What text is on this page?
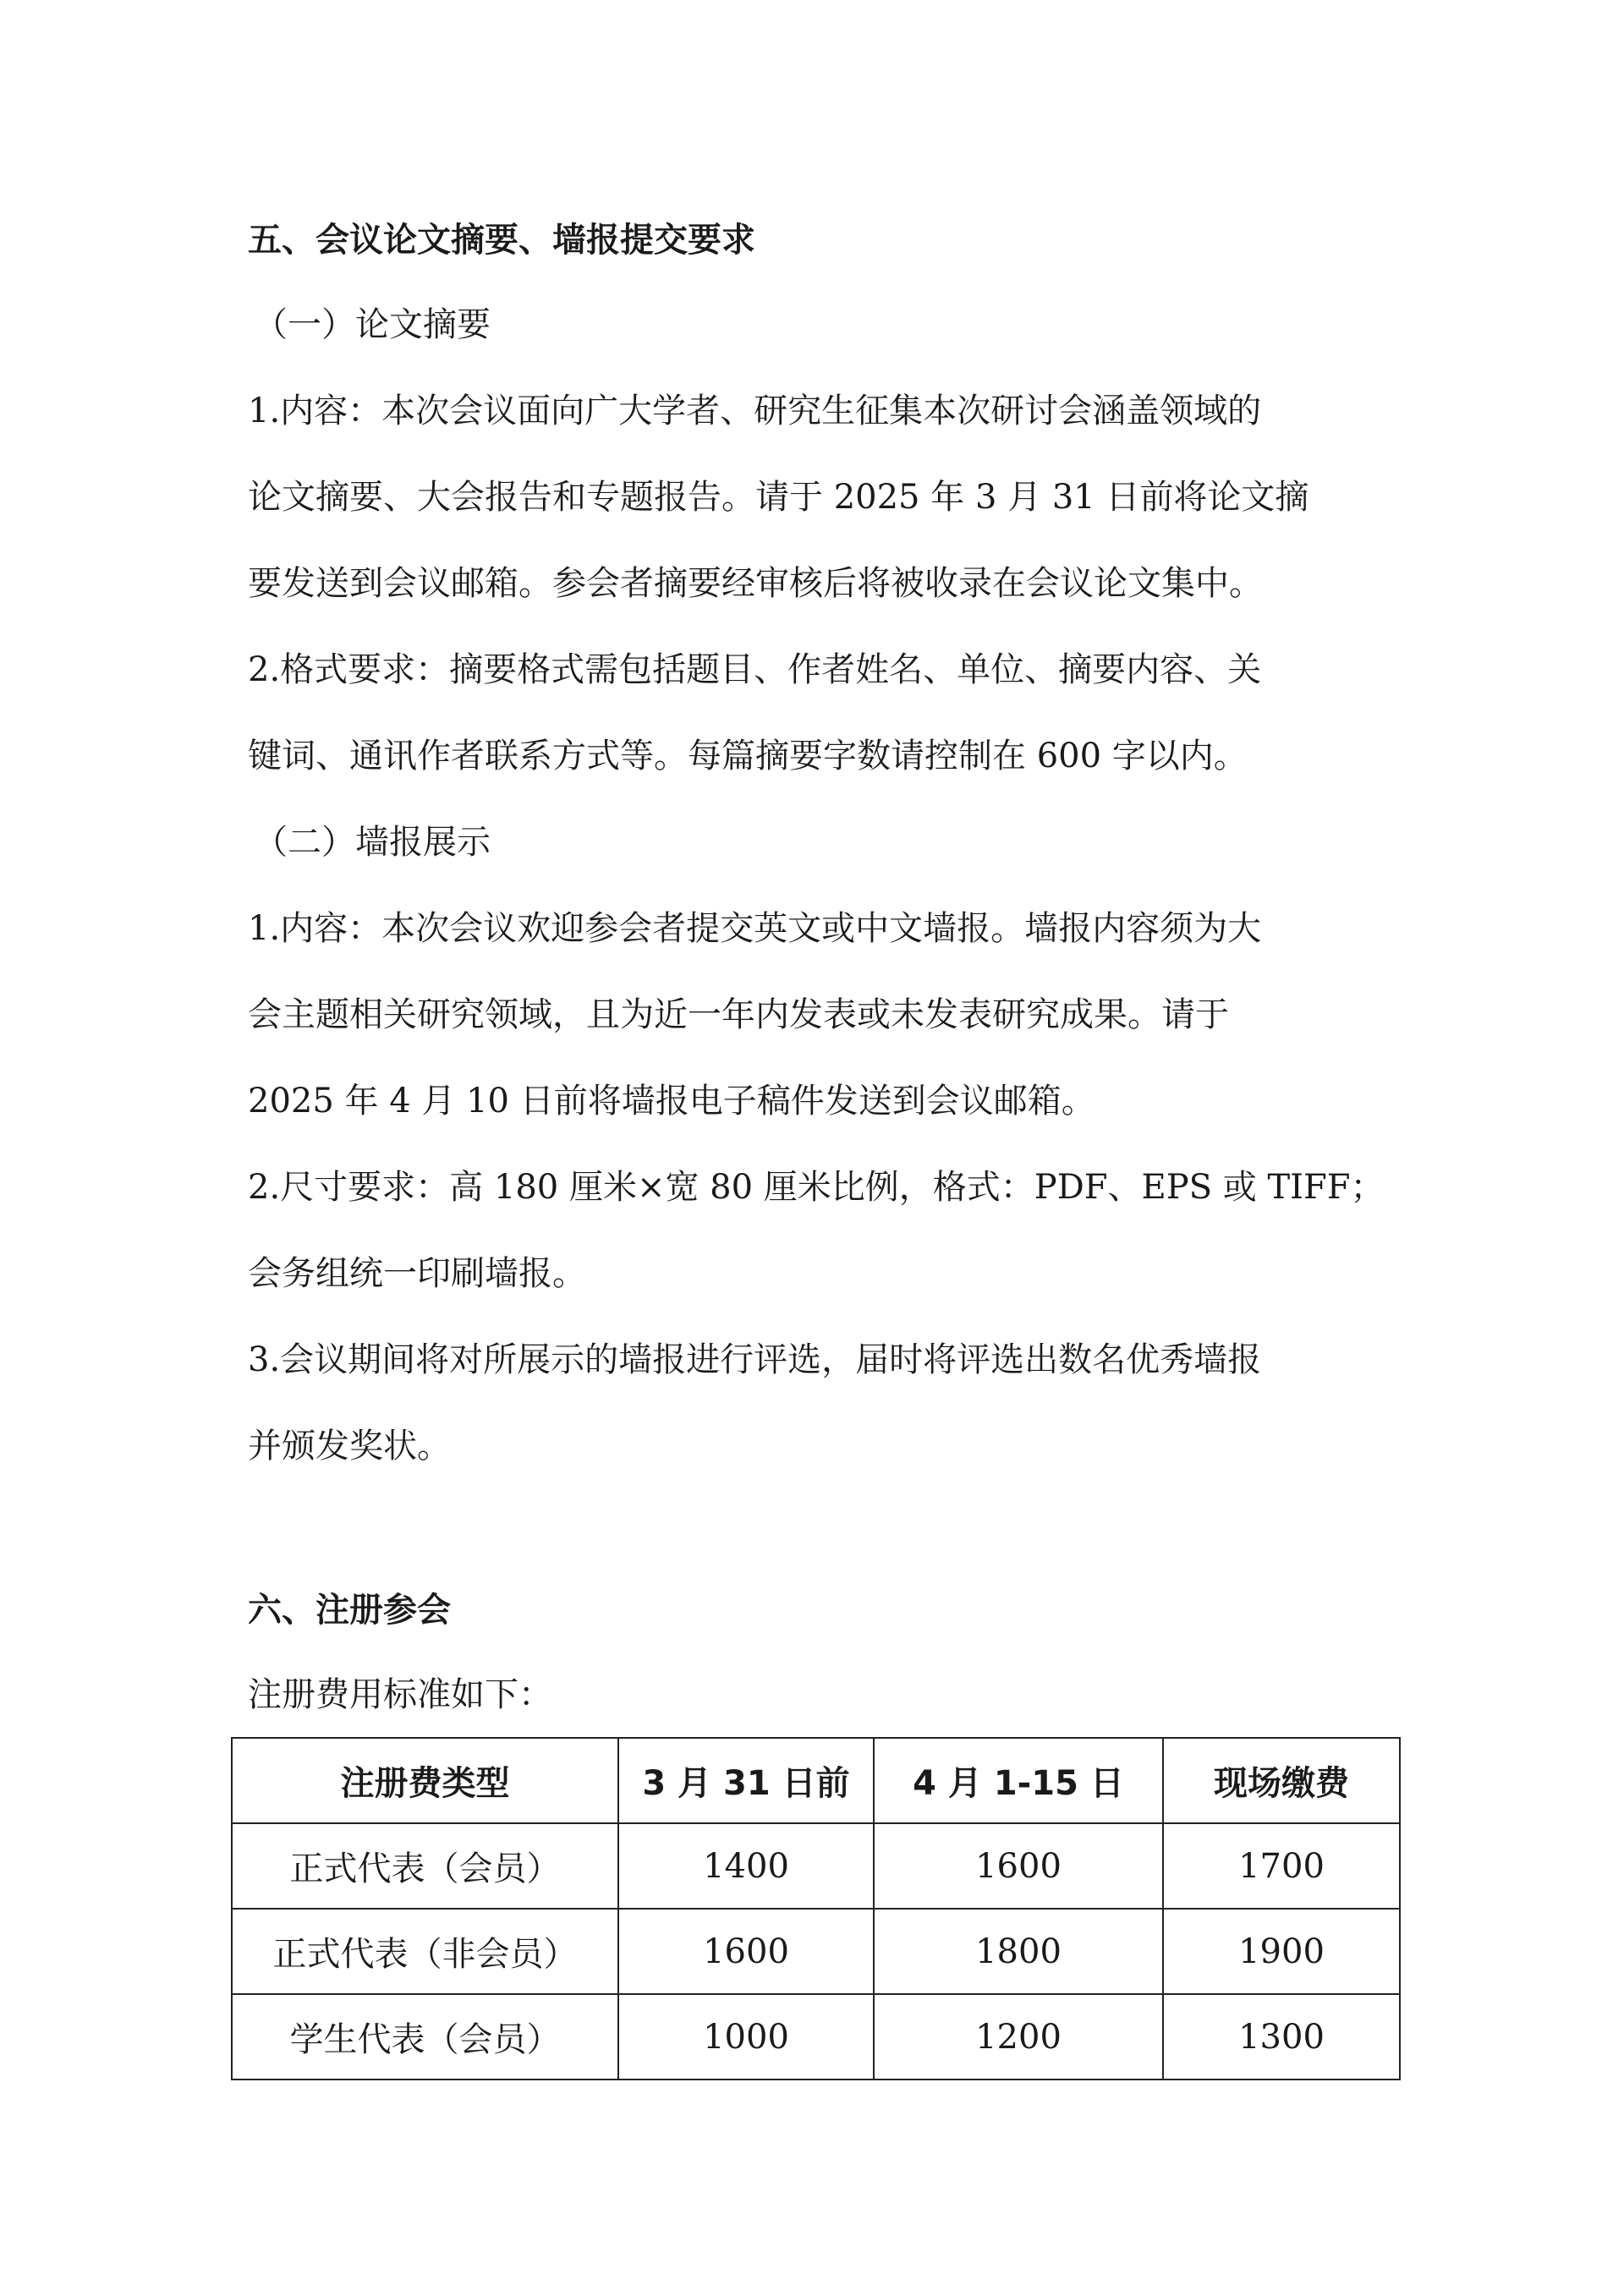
五、会议论文摘要、墙报提交要求
（一）论文摘要
1.内容：本次会议面向广大学者、研究生征集本次研讨会涵盖领域的
论文摘要、大会报告和专题报告。请于 2025 年 3 月 31 日前将论文摘
要发送到会议邮箱。参会者摘要经审核后将被收录在会议论文集中。
2.格式要求：摘要格式需包括题目、作者姓名、单位、摘要内容、关
键词、通讯作者联系方式等。每篇摘要字数请控制在 600 字以内。
（二）墙报展示
1.内容：本次会议欢迎参会者提交英文或中文墙报。墙报内容须为大
会主题相关研究领域，且为近一年内发表或未发表研究成果。请于
2025 年 4 月 10 日前将墙报电子稿件发送到会议邮箱。
2.尺寸要求：高 180 厘米×宽 80 厘米比例，格式：PDF、EPS 或 TIFF；
会务组统一印刷墙报。
3.会议期间将对所展示的墙报进行评选，届时将评选出数名优秀墙报
并颁发奖状。
六、注册参会
注册费用标准如下：
注册费类型	3 月 31 日前	4 月 1-15 日	现场缴费
正式代表（会员）	1400	1600	1700
正式代表（非会员）	1600	1800	1900
学生代表（会员）	1000	1200	1300
